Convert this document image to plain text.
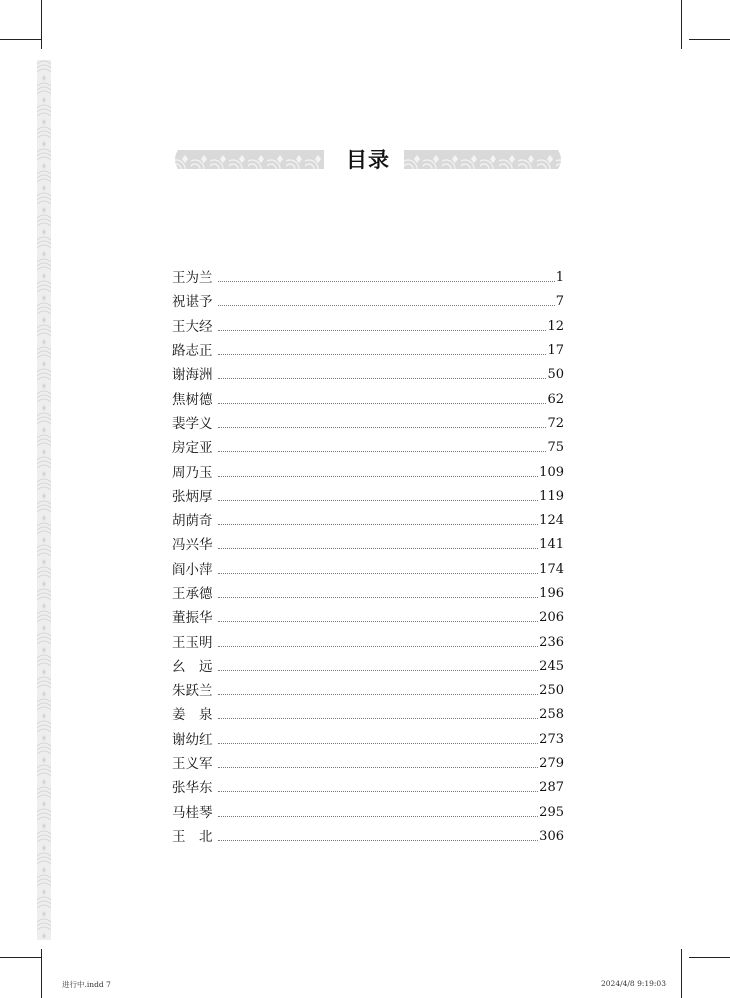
目录
王为兰	1
祝谌予	7
王大经	12
路志正	17
谢海洲	50
焦树德	62
裴学义	72
房定亚	75
周乃玉	109
张炳厚	119
胡荫奇	124
冯兴华	141
阎小萍	174
王承德	196
董振华	206
王玉明	236
幺　远	245
朱跃兰	250
姜　泉	258
谢幼红	273
王义军	279
张华东	287
马桂琴	295
王　北	306
进行中.indd 7	2024/4/8 9:19:03
